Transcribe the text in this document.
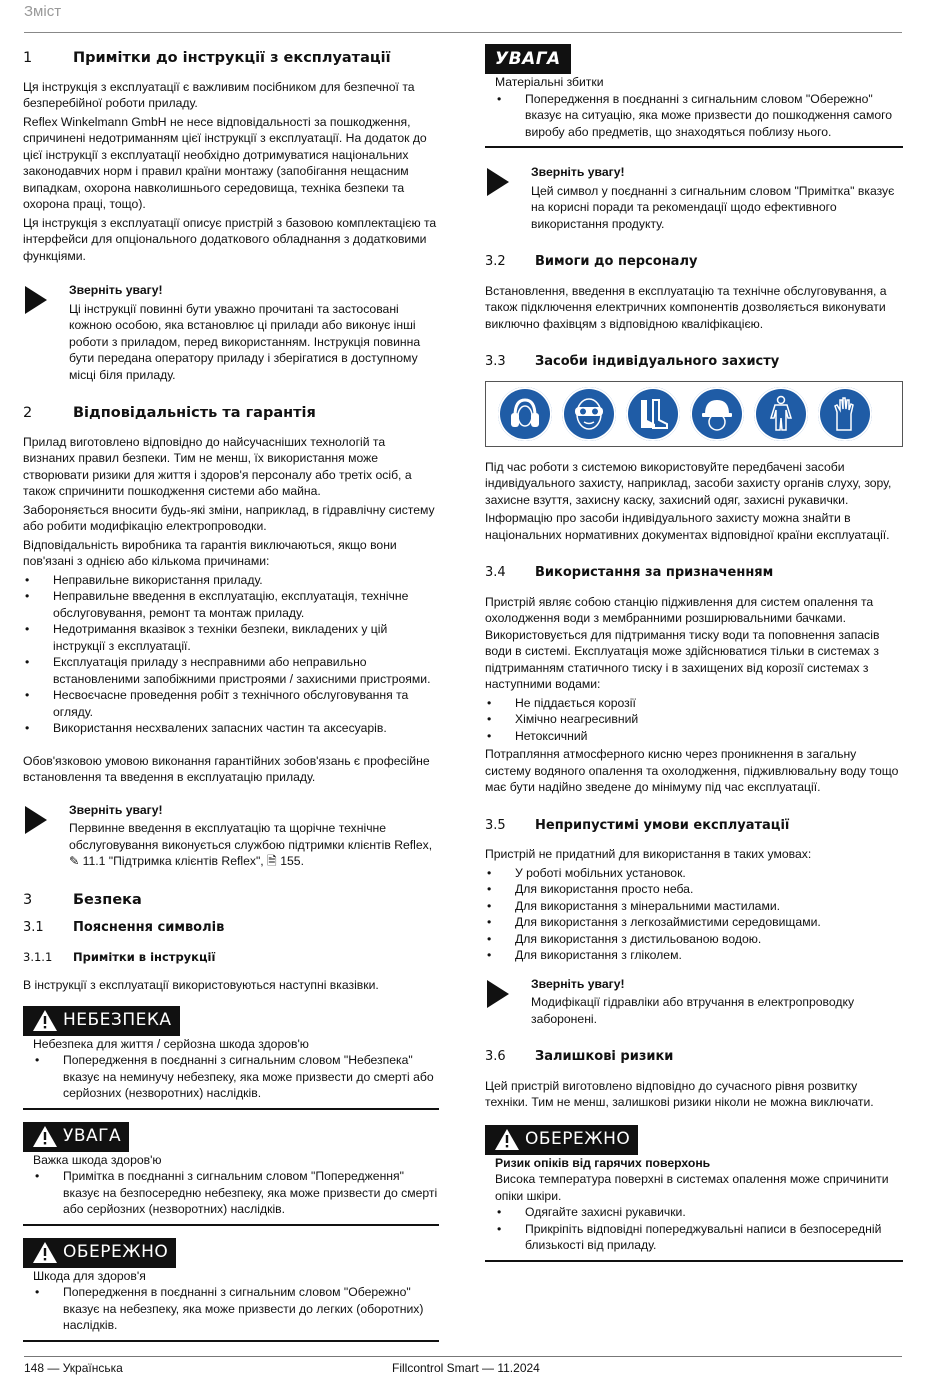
Зміст
1	Примітки до інструкції з експлуатації

Ця інструкція з експлуатації є важливим посібником для безпечної та безперебійної роботи приладу.

Reflex Winkelmann GmbH не несе відповідальності за пошкодження, спричинені недотриманням цієї інструкції з експлуатації. На додаток до цієї інструкції з експлуатації необхідно дотримуватися національних законодавчих норм і правил країни монтажу (запобігання нещасним випадкам, охорона навколишнього середовища, техніка безпеки та охорона праці, тощо).

Ця інструкція з експлуатації описує пристрій з базовою комплектацією та інтерфейси для опціонального додаткового обладнання з додатковими функціями.

Зверніть увагу!
Ці інструкції повинні бути уважно прочитані та застосовані кожною особою, яка встановлює ці прилади або виконує інші роботи з приладом, перед використанням. Інструкція повинна бути передана оператору приладу і зберігатися в доступному місці біля приладу.
2	Відповідальність та гарантія

Прилад виготовлено відповідно до найсучасніших технологій та визнаних правил безпеки. Тим не менш, їх використання може створювати ризики для життя і здоров'я персоналу або третіх осіб, а також спричинити пошкодження системи або майна.

Забороняється вносити будь-які зміни, наприклад, в гідравлічну систему або робити модифікацію електропроводки.

Відповідальність виробника та гарантія виключаються, якщо вони пов'язані з однією або кількома причинами:

• Неправильне використання приладу.
• Неправильне введення в експлуатацію, експлуатація, технічне обслуговування, ремонт та монтаж приладу.
• Недотримання вказівок з техніки безпеки, викладених у цій інструкції з експлуатації.
• Експлуатація приладу з несправними або неправильно встановленими запобіжними пристроями / захисними пристроями.
• Несвоєчасне проведення робіт з технічного обслуговування та огляду.
• Використання несхвалених запасних частин та аксесуарів.

Обов'язковою умовою виконання гарантійних зобов'язань є професійне встановлення та введення в експлуатацію приладу.

Зверніть увагу!
Первинне введення в експлуатацію та щорічне технічне обслуговування виконується службою підтримки клієнтів Reflex,
✎ 11.1 "Підтримка клієнтів Reflex", 🗎 155.
3	Безпека
3.1	Пояснення символів
3.1.1	Примітки в інструкції

В інструкції з експлуатації використовуються наступні вказівки.

НЕБЕЗПЕКА
Небезпека для життя / серйозна шкода здоров'ю
• Попередження в поєднанні з сигнальним словом "Небезпека" вказує на неминучу небезпеку, яка може призвести до смерті або серйозних (незворотних) наслідків.
УВАГА
Важка шкода здоров'ю
• Примітка в поєднанні з сигнальним словом "Попередження" вказує на безпосередню небезпеку, яка може призвести до смерті або серйозних (незворотних) наслідків.
ОБЕРЕЖНО
Шкода для здоров'я
• Попередження в поєднанні з сигнальним словом "Обережно" вказує на небезпеку, яка може призвести до легких (оборотних) наслідків.
УВАГА
Матеріальні збитки
• Попередження в поєднанні з сигнальним словом "Обережно" вказує на ситуацію, яка може призвести до пошкодження самого виробу або предметів, що знаходяться поблизу нього.
Зверніть увагу!
Цей символ у поєднанні з сигнальним словом "Примітка" вказує на корисні поради та рекомендації щодо ефективного використання продукту.
3.2	Вимоги до персоналу

Встановлення, введення в експлуатацію та технічне обслуговування, а також підключення електричних компонентів дозволяється виконувати виключно фахівцям з відповідною кваліфікацією.

3.3	Засоби індивідуального захисту

Під час роботи з системою використовуйте передбачені засоби індивідуального захисту, наприклад, засоби захисту органів слуху, зору, захисне взуття, захисну каску, захисний одяг, захисні рукавички.

Інформацію про засоби індивідуального захисту можна знайти в національних нормативних документах відповідної країни експлуатації.

3.4	Використання за призначенням

Пристрій являє собою станцію підживлення для систем опалення та охолодження води з мембранними розширювальними бачками. Використовується для підтримання тиску води та поповнення запасів води в системі. Експлуатація може здійснюватися тільки в системах з підтриманням статичного тиску і в захищених від корозії системах з наступними водами:

• Не піддається корозії
• Хімічно неагресивний
• Нетоксичний

Потрапляння атмосферного кисню через проникнення в загальну систему водяного опалення та охолодження, підживлювальну воду тощо має бути надійно зведене до мінімуму під час експлуатації.

3.5	Неприпустимі умови експлуатації

Пристрій не придатний для використання в таких умовах:

• У роботі мобільних установок.
• Для використання просто неба.
• Для використання з мінеральними мастилами.
• Для використання з легкозаймистими середовищами.
• Для використання з дистильованою водою.
• Для використання з гліколем.
Зверніть увагу!
Модифікації гідравліки або втручання в електропроводку заборонені.
3.6	Залишкові ризики

Цей пристрій виготовлено відповідно до сучасного рівня розвитку техніки. Тим не менш, залишкові ризики ніколи не можна виключати.

ОБЕРЕЖНО
Ризик опіків від гарячих поверхонь
Висока температура поверхні в системах опалення може спричинити опіки шкіри.
• Одягайте захисні рукавички.
• Прикріпіть відповідні попереджувальні написи в безпосередній близькості від приладу.
148 — Українська	Fillcontrol Smart — 11.2024
